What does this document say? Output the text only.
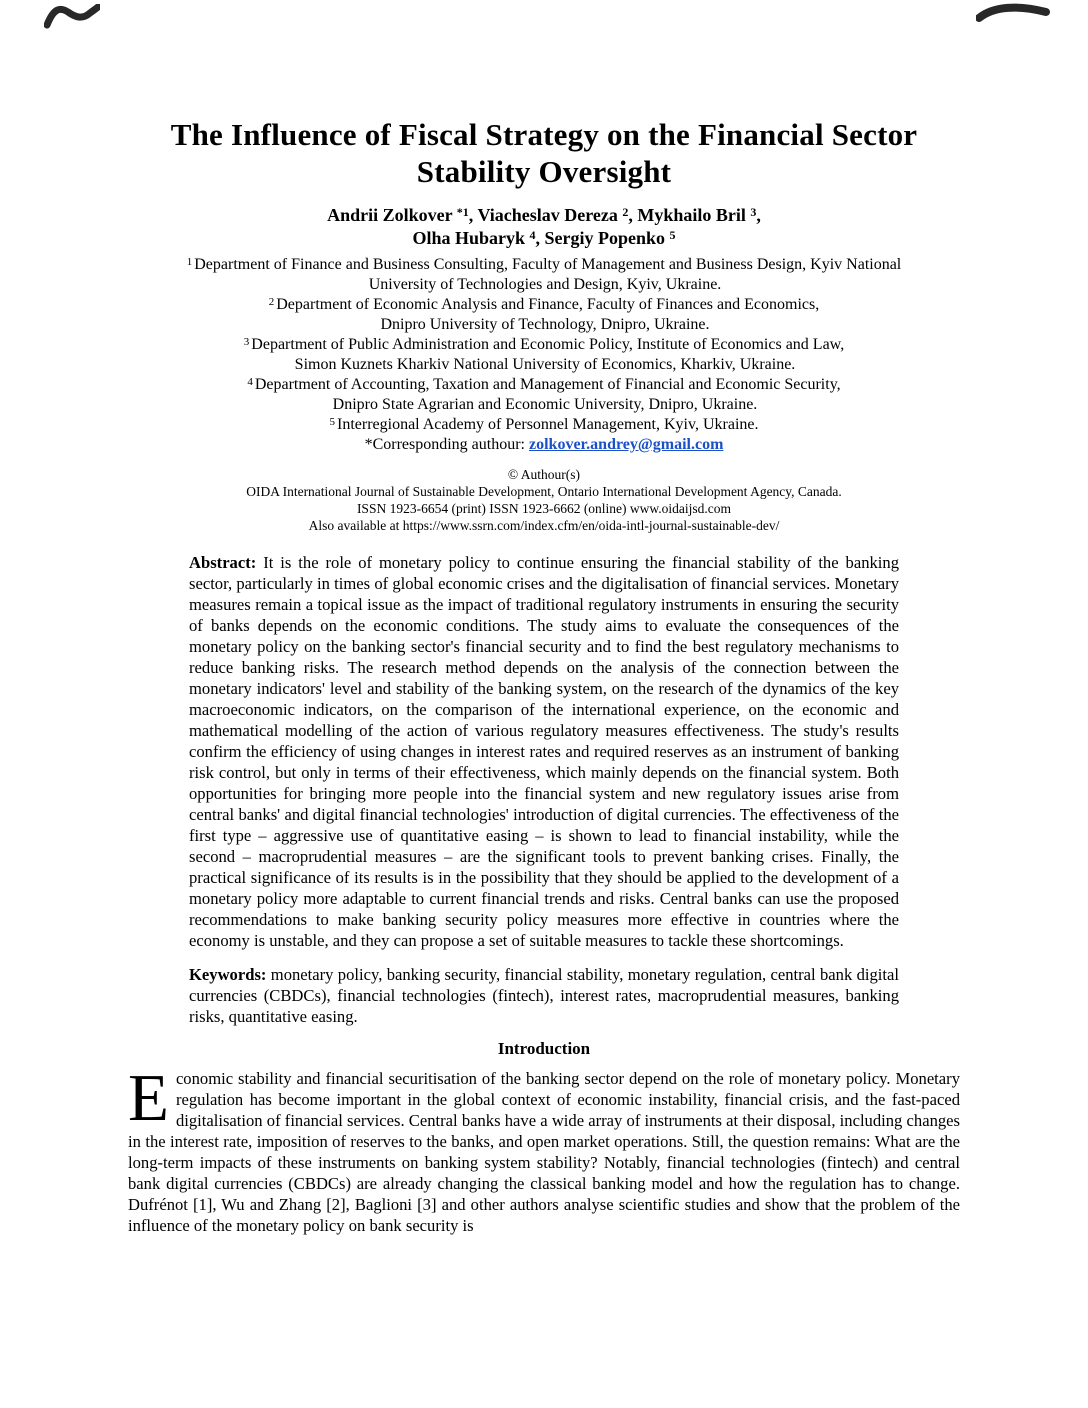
The Influence of Fiscal Strategy on the Financial Sector
Stability Oversight
Andrii Zolkover $^{*1}$, Viacheslav Dereza $^2$, Mykhailo Bril $^3$,
Olha Hubaryk $^4$, Sergiy Popenko $^5$
$^1$ Department of Finance and Business Consulting, Faculty of Management and Business Design, Kyiv National
University of Technologies and Design, Kyiv, Ukraine.
$^2$ Department of Economic Analysis and Finance, Faculty of Finances and Economics,
Dnipro University of Technology, Dnipro, Ukraine.
$^3$ Department of Public Administration and Economic Policy, Institute of Economics and Law,
Simon Kuznets Kharkiv National University of Economics, Kharkiv, Ukraine.
$^4$ Department of Accounting, Taxation and Management of Financial and Economic Security,
Dnipro State Agrarian and Economic University, Dnipro, Ukraine.
$^5$ Interregional Academy of Personnel Management, Kyiv, Ukraine.
*Corresponding authour: zolkover.andrey@gmail.com
© Authour(s)
OIDA International Journal of Sustainable Development, Ontario International Development Agency, Canada.
ISSN 1923-6654 (print) ISSN 1923-6662 (online) www.oidaijsd.com
Also available at https://www.ssrn.com/index.cfm/en/oida-intl-journal-sustainable-dev/

Abstract: It is the role of monetary policy to continue ensuring the financial stability of the banking sector, particularly in times of global economic crises and the digitalisation of financial services. Monetary measures remain a topical issue as the impact of traditional regulatory instruments in ensuring the security of banks depends on the economic conditions. The study aims to evaluate the consequences of the monetary policy on the banking sector's financial security and to find the best regulatory mechanisms to reduce banking risks. The research method depends on the analysis of the connection between the monetary indicators' level and stability of the banking system, on the research of the dynamics of the key macroeconomic indicators, on the comparison of the international experience, on the economic and mathematical modelling of the action of various regulatory measures effectiveness. The study's results confirm the efficiency of using changes in interest rates and required reserves as an instrument of banking risk control, but only in terms of their effectiveness, which mainly depends on the financial system. Both opportunities for bringing more people into the financial system and new regulatory issues arise from central banks' and digital financial technologies' introduction of digital currencies. The effectiveness of the first type – aggressive use of quantitative easing – is shown to lead to financial instability, while the second – macroprudential measures – are the significant tools to prevent banking crises. Finally, the practical significance of its results is in the possibility that they should be applied to the development of a monetary policy more adaptable to current financial trends and risks. Central banks can use the proposed recommendations to make banking security policy measures more effective in countries where the economy is unstable, and they can propose a set of suitable measures to tackle these shortcomings.

Keywords: monetary policy, banking security, financial stability, monetary regulation, central bank digital currencies (CBDCs), financial technologies (fintech), interest rates, macroprudential measures, banking risks, quantitative easing.

Introduction

Economic stability and financial securitisation of the banking sector depend on the role of monetary policy. Monetary regulation has become important in the global context of economic instability, financial crisis, and the fast-paced digitalisation of financial services. Central banks have a wide array of instruments at their disposal, including changes in the interest rate, imposition of reserves to the banks, and open market operations. Still, the question remains: What are the long-term impacts of these instruments on banking system stability? Notably, financial technologies (fintech) and central bank digital currencies (CBDCs) are already changing the classical banking model and how the regulation has to change. Dufrénot [1], Wu and Zhang [2], Baglioni [3] and other authors analyse scientific studies and show that the problem of the influence of the monetary policy on bank security is
